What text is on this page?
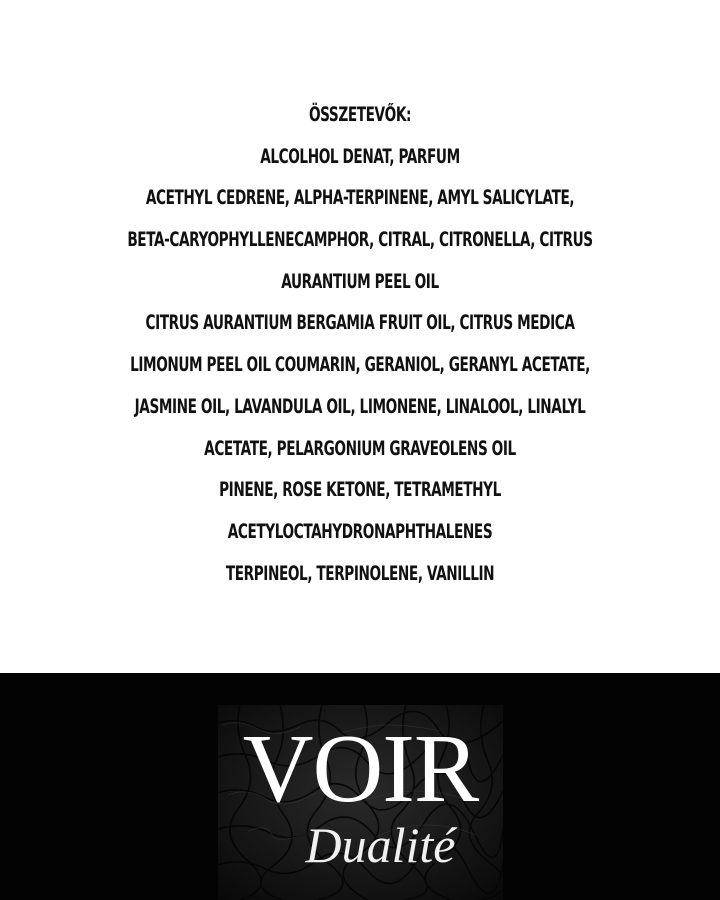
ÖSSZETEVŐK:
ALCOLHOL DENAT, PARFUM
ACETHYL CEDRENE, ALPHA-TERPINENE, AMYL SALICYLATE,
BETA-CARYOPHYLLENECAMPHOR, CITRAL, CITRONELLA, CITRUS
AURANTIUM PEEL OIL
CITRUS AURANTIUM BERGAMIA FRUIT OIL, CITRUS MEDICA
LIMONUM PEEL OIL COUMARIN, GERANIOL, GERANYL ACETATE,
JASMINE OIL, LAVANDULA OIL, LIMONENE, LINALOOL, LINALYL
ACETATE, PELARGONIUM GRAVEOLENS OIL
PINENE, ROSE KETONE, TETRAMETHYL
ACETYLOCTAHYDRONAPHTHALENES
TERPINEOL, TERPINOLENE, VANILLIN
VOIR
Dualité
